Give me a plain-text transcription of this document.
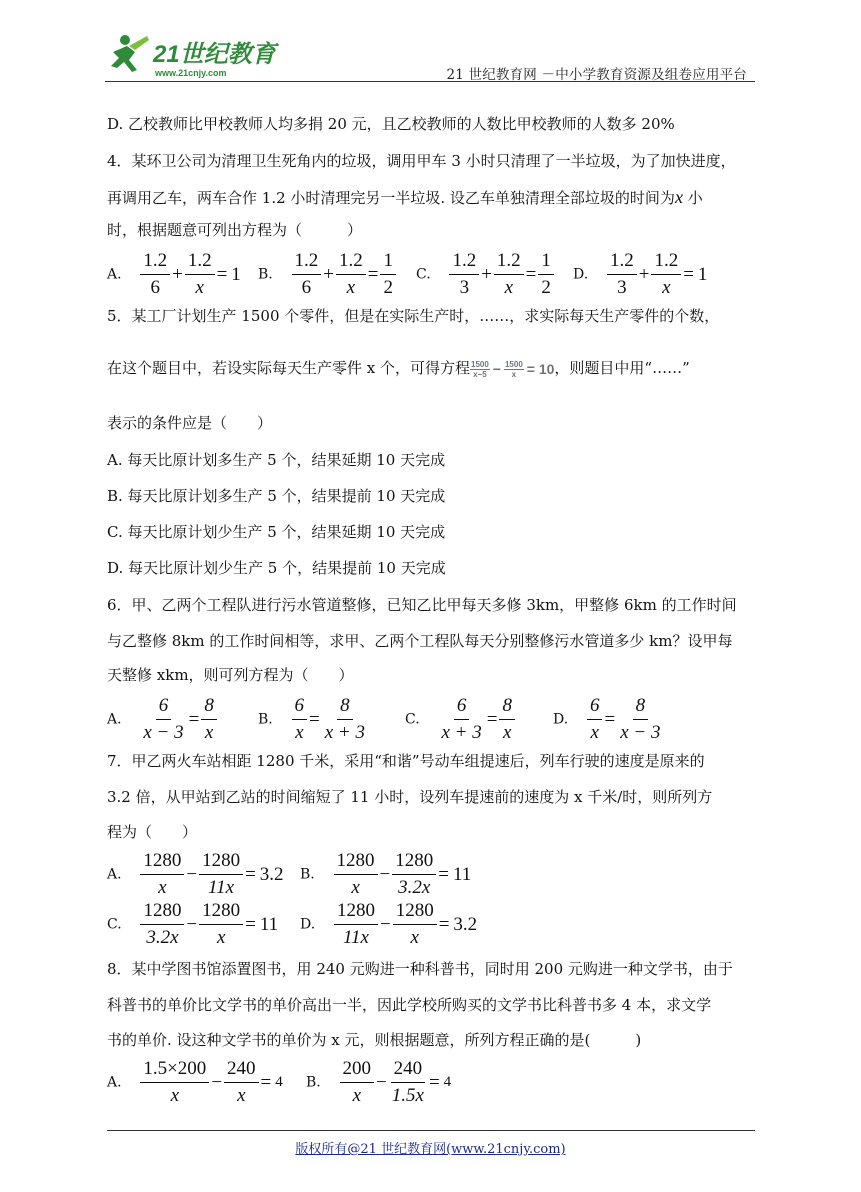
21世纪教育
www.21cnjy.com	21 世纪教育网 －中小学教育资源及组卷应用平台
D. 乙校教师比甲校教师人均多捐 20 元，且乙校教师的人数比甲校教师的人数多 20%
4．某环卫公司为清理卫生死角内的垃圾，调用甲车 3 小时只清理了一半垃圾，为了加快进度，
再调用乙车，两车合作 1.2 小时清理完另一半垃圾. 设乙车单独清理全部垃圾的时间为x 小
时，根据题意可列出方程为（　　　）
A. $\frac{1.2}{6} + \frac{1.2}{x} = 1$ B. $\frac{1.2}{6} + \frac{1.2}{x} = \frac{1}{2} C$. $\frac{1.2}{3} + \frac{1.2}{x} = \frac{1}{2} D$. $\frac{1.2}{3} + \frac{1.2}{x} = 1$
5．某工厂计划生产 1500 个零件，但是在实际生产时，……，求实际每天生产零件的个数，
在这个题目中，若设实际每天生产零件 x 个，可得方程 $\frac{1500}{x-5} - \frac{1500}{x} = 10$ ，则题目中用“……”
表示的条件应是（　　）
A. 每天比原计划多生产 5 个，结果延期 10 天完成
B. 每天比原计划多生产 5 个，结果提前 10 天完成
C. 每天比原计划少生产 5 个，结果延期 10 天完成
D. 每天比原计划少生产 5 个，结果提前 10 天完成
6．甲、乙两个工程队进行污水管道整修，已知乙比甲每天多修 3km，甲整修 6km 的工作时间
与乙整修 8km 的工作时间相等，求甲、乙两个工程队每天分别整修污水管道多少 km？设甲每
天整修 xkm，则可列方程为（　　）
A. $\frac{6}{x - 3} = \frac{8}{x}$	B. $\frac{6}{x} = \frac{8}{x + 3}$	C. $\frac{6}{x + 3} = \frac{8}{x}$	D. $\frac{6}{x} = \frac{8}{x - 3}$
7．甲乙两火车站相距 1280 千米，采用“和谐”号动车组提速后，列车行驶的速度是原来的
3.2 倍，从甲站到乙站的时间缩短了 11 小时，设列车提速前的速度为 x 千米/时，则所列方
程为（　　）
A. $\frac{1280}{x} - \frac{1280}{11x} = 3.2$ B. $\frac{1280}{x} - \frac{1280}{3.2x} = 11$
C. $\frac{1280}{3.2x} - \frac{1280}{x} = 11$ D. $\frac{1280}{11x} - \frac{1280}{x} = 3.2$
8．某中学图书馆添置图书，用 240 元购进一种科普书，同时用 200 元购进一种文学书，由于
科普书的单价比文学书的单价高出一半，因此学校所购买的文学书比科普书多 4 本，求文学
书的单价. 设这种文学书的单价为 x 元，则根据题意，所列方程正确的是(　　　)
A. $\frac{1.5\times 200}{x} - \frac{240}{x} = 4$ B. $\frac{200}{x} - \frac{240}{1.5x} = 4$
版权所有@21 世纪教育网(www.21cnjy.com)
